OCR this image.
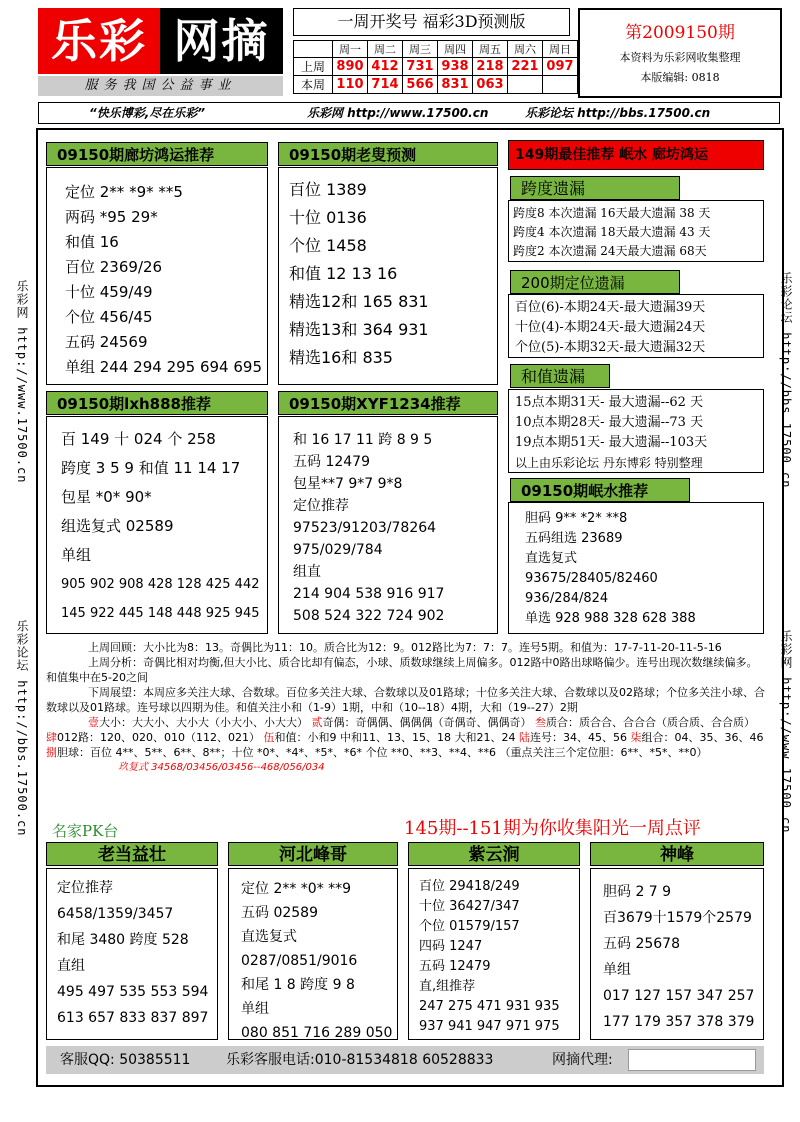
乐彩 网摘
服务我国公益事业
一周开奖号 福彩3D预测版
	周一	周二	周三	周四	周五	周六	周日
上周	890	412	731	938	218	221	097
本周	110	714	566	831	063		
第2009150期
本资料为乐彩网收集整理
本版编辑: 0818
“快乐博彩,尽在乐彩”	乐彩网 http://www.17500.cn	乐彩论坛 http://bbs.17500.cn
乐彩网 http://www.17500.cn
乐彩论坛 http://bbs.17500.cn
乐彩论坛 http://bbs.17500.cn
乐彩网 http://www.17500.cn
09150期廊坊鸿运推荐
定位 2** *9* **5
两码 *95 29*
和值 16
百位 2369/26
十位 459/49
个位 456/45
五码 24569
单组 244 294 295 694 695
09150期老叟预测
百位 1389
十位 0136
个位 1458
和值 12 13 16
精选12和 165 831
精选13和 364 931
精选16和 835
09150期lxh888推荐
百 149 十 024 个 258
跨度 3 5 9 和值 11 14 17
包星 *0* 90*
组选复式 02589
单组
905 902 908 428 128 425 442
145 922 445 148 448 925 945
09150期XYF1234推荐
和 16 17 11 跨 8 9 5
五码 12479
包星**7 9*7 9*8
定位推荐
97523/91203/78264
975/029/784
组直
214 904 538 916 917
508 524 322 724 902
149期最佳推荐 岷水 廊坊鸿运
跨度遗漏
跨度8 本次遗漏 16天最大遗漏 38 天
跨度4 本次遗漏 18天最大遗漏 43 天
跨度2 本次遗漏 24天最大遗漏 68天
200期定位遗漏
百位(6)-本期24天-最大遗漏39天
十位(4)-本期24天-最大遗漏24天
个位(5)-本期32天-最大遗漏32天
和值遗漏
15点本期31天- 最大遗漏--62 天
10点本期28天- 最大遗漏--73 天
19点本期51天- 最大遗漏--103天
以上由乐彩论坛 丹东博彩 特别整理
09150期岷水推荐
胆码 9** *2* **8
五码组选 23689
直选复式
93675/28405/82460
936/284/824
单选 928 988 328 628 388
上周回顾：大小比为8：13。奇偶比为11：10。质合比为12：9。012路比为7：7：7。连号5期。和值为：17-7-11-20-11-5-16
上周分析：奇偶比相对均衡,但大小比、质合比却有偏态，小球、质数球继续上周偏多。012路中0路出球略偏少。连号出现次数继续偏多。和值集中在5-20之间
下周展望：本周应多关注大球、合数球。百位多关注大球、合数球以及01路球；十位多关注大球、合数球以及02路球；个位多关注小球、合数球以及01路球。连号球以四期为佳。和值关注小和（1-9）1期，中和（10--18）4期，大和（19--27）2期
壹大小：大大小、大小大（小大小、小大大） 贰奇偶：奇偶偶、偶偶偶（奇偶奇、偶偶奇） 叁质合：质合合、合合合（质合质、合合质） 肆012路：120、020、010（112、021） 伍和值：小和9 中和11、13、15、18 大和21、24 陆连号：34、45、56 柒组合：04、35、36、46 捌胆球：百位 4**、5**、6**、8**；十位 *0*、*4*、*5*、*6* 个位 **0、**3、**4、**6 （重点关注三个定位胆：6**、*5*、**0）
玖复式 34568/03456/03456--468/056/034
名家PK台	145期--151期为你收集阳光一周点评
老当益壮
定位推荐
6458/1359/3457
和尾 3480 跨度 528
直组
495 497 535 553 594
613 657 833 837 897
河北峰哥
定位 2** *0* **9
五码 02589
直选复式
0287/0851/9016
和尾 1 8 跨度 9 8
单组
080 851 716 289 050
紫云涧
百位 29418/249
十位 36427/347
个位 01579/157
四码 1247
五码 12479
直,组推荐
247 275 471 931 935
937 941 947 971 975
神峰
胆码 2 7 9
百3679十1579个2579
五码 25678
单组
017 127 157 347 257
177 179 357 378 379
客服QQ: 50385511	乐彩客服电话:010-81534818 60528833	网摘代理:
